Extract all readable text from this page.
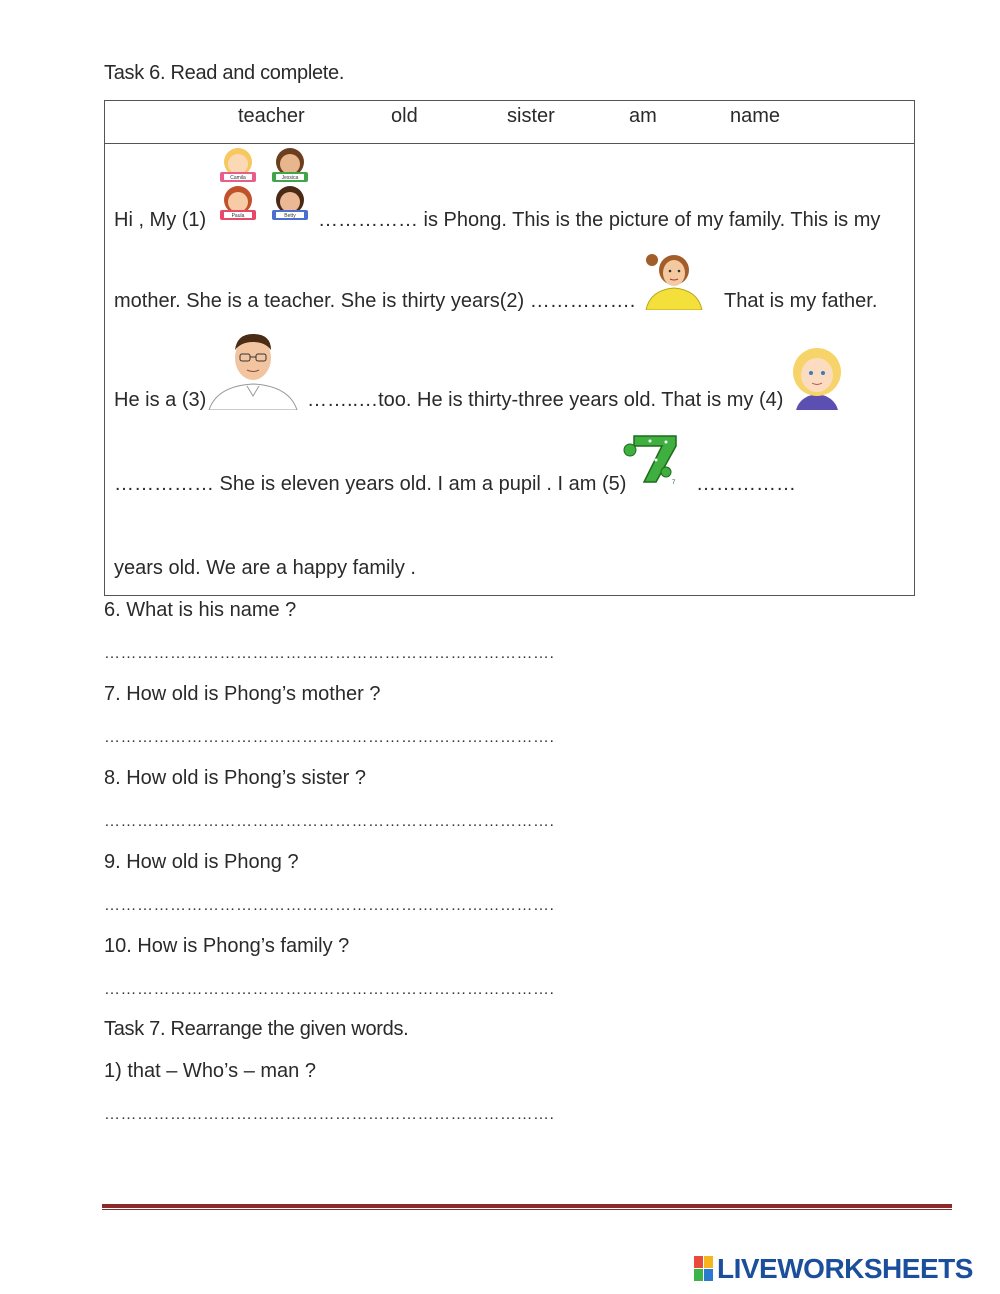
Task 6. Read and complete.
teacher	old	sister	am	name
Hi , My (1)	…………… is Phong. This is the picture of my family. This is my
mother. She is a teacher. She is thirty years(2) …………….	That is my father.
He is a (3)	……..…too. He is thirty-three years old. That is my (4)
…………… She is eleven years old. I am a pupil . I am (5)	……………
years old. We are a happy family .
Camila	Jessica
Paula	Betty
7
6. What is his name ?
……………………………………………………………………….
7. How old is Phong’s mother ?
……………………………………………………………………….
8. How old is Phong’s sister ?
……………………………………………………………………….
9. How old is Phong ?
……………………………………………………………………….
10. How is Phong’s family ?
……………………………………………………………………….
Task 7. Rearrange the given words.
1) that – Who’s – man ?
……………………………………………………………………….
LIVEWORKSHEETS
